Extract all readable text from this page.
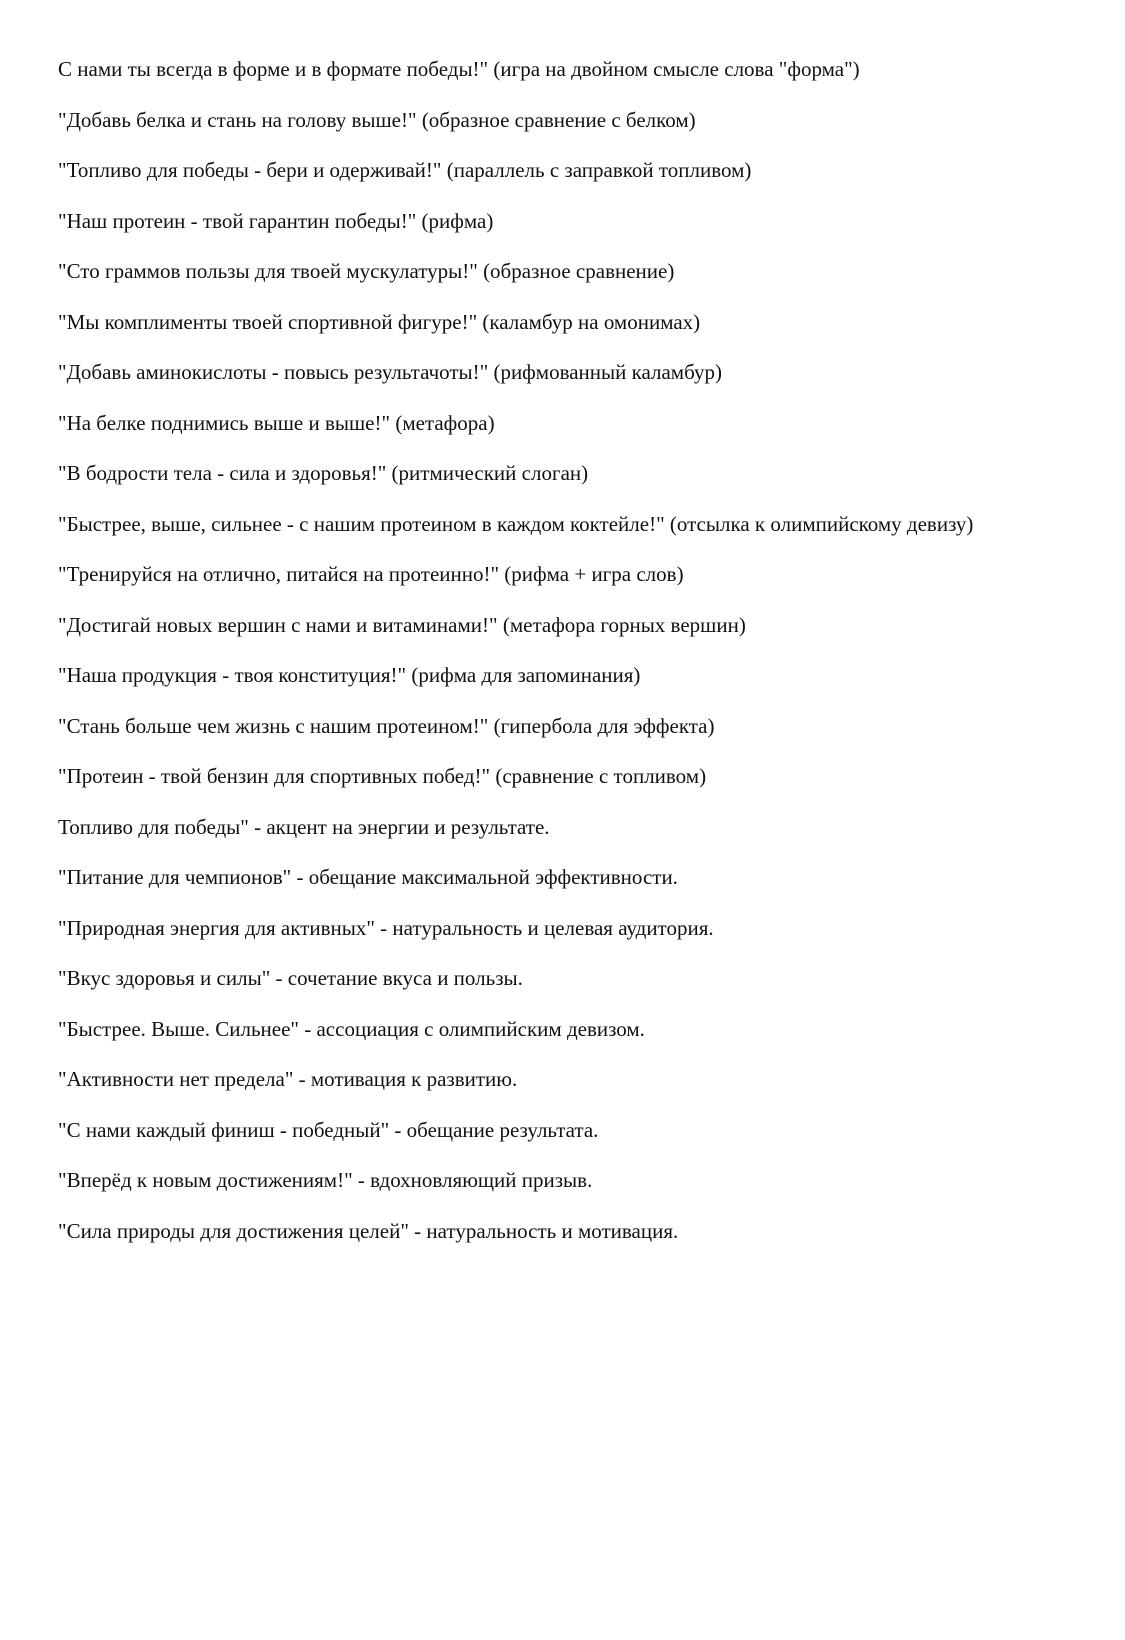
С нами ты всегда в форме и в формате победы!" (игра на двойном смысле слова "форма")
"Добавь белка и стань на голову выше!" (образное сравнение с белком)
"Топливо для победы - бери и одерживай!" (параллель с заправкой топливом)
"Наш протеин - твой гарантин победы!" (рифма)
"Сто граммов пользы для твоей мускулатуры!" (образное сравнение)
"Мы комплименты твоей спортивной фигуре!" (каламбур на омонимах)
"Добавь аминокислоты - повысь результачоты!" (рифмованный каламбур)
"На белке поднимись выше и выше!" (метафора)
"В бодрости тела - сила и здоровья!" (ритмический слоган)
"Быстрее, выше, сильнее - с нашим протеином в каждом коктейле!" (отсылка к олимпийскому девизу)
"Тренируйся на отлично, питайся на протеинно!" (рифма + игра слов)
"Достигай новых вершин с нами и витаминами!" (метафора горных вершин)
"Наша продукция - твоя конституция!" (рифма для запоминания)
"Стань больше чем жизнь с нашим протеином!" (гипербола для эффекта)
"Протеин - твой бензин для спортивных побед!" (сравнение с топливом)
Топливо для победы" - акцент на энергии и результате.
"Питание для чемпионов" - обещание максимальной эффективности.
"Природная энергия для активных" - натуральность и целевая аудитория.
"Вкус здоровья и силы" - сочетание вкуса и пользы.
"Быстрее. Выше. Сильнее" - ассоциация с олимпийским девизом.
"Активности нет предела" - мотивация к развитию.
"С нами каждый финиш - победный" - обещание результата.
"Вперёд к новым достижениям!" - вдохновляющий призыв.
"Сила природы для достижения целей" - натуральность и мотивация.
